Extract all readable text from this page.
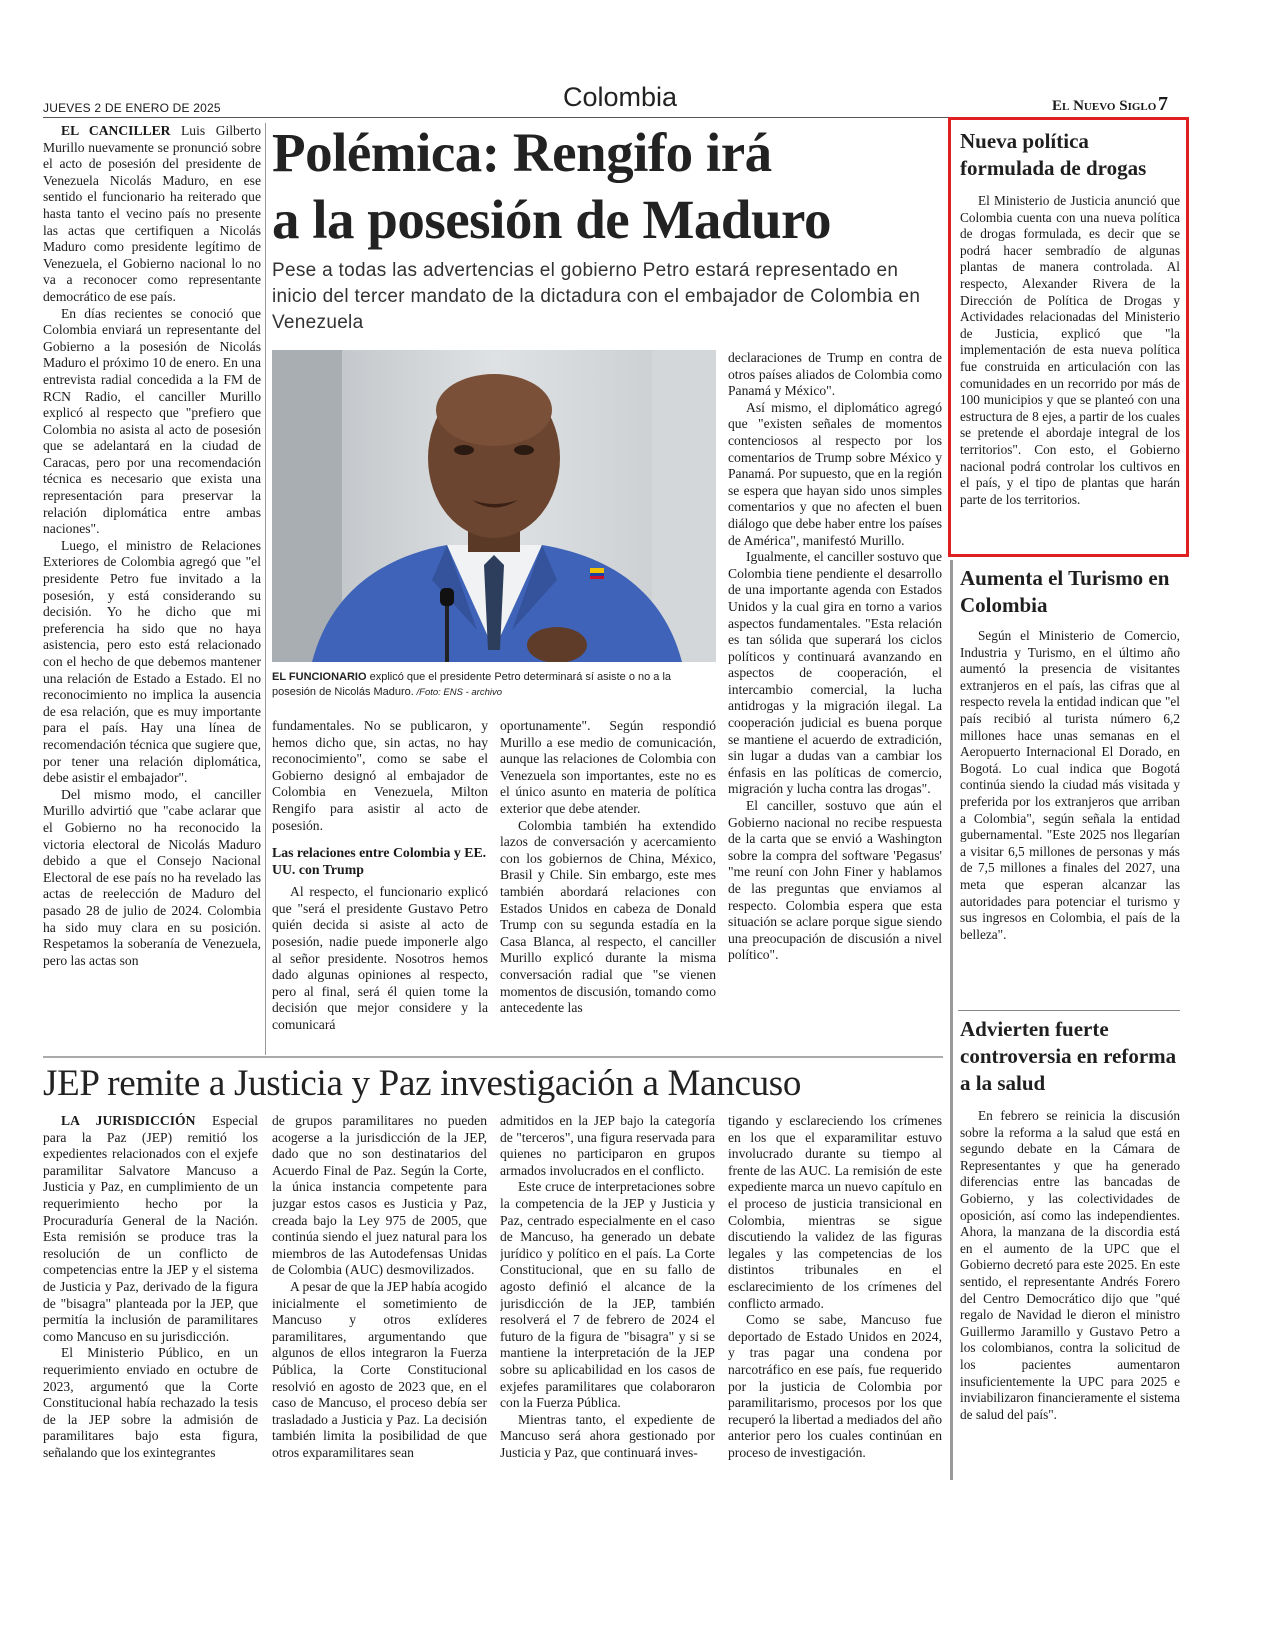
JUEVES 2 DE ENERO DE 2025	Colombia	El Nuevo Siglo 7

EL CANCILLER Luis Gilberto Murillo nuevamente se pronunció sobre el acto de posesión del presidente de Venezuela Nicolás Maduro, en ese sentido el funcionario ha reiterado que hasta tanto el vecino país no presente las actas que certifiquen a Nicolás Maduro como presidente legítimo de Venezuela, el Gobierno nacional lo no va a reconocer como representante democrático de ese país.

En días recientes se conoció que Colombia enviará un representante del Gobierno a la posesión de Nicolás Maduro el próximo 10 de enero. En una entrevista radial concedida a la FM de RCN Radio, el canciller Murillo explicó al respecto que "prefiero que Colombia no asista al acto de posesión que se adelantará en la ciudad de Caracas, pero por una recomendación técnica es necesario que exista una representación para preservar la relación diplomática entre ambas naciones".

Luego, el ministro de Relaciones Exteriores de Colombia agregó que "el presidente Petro fue invitado a la posesión, y está considerando su decisión. Yo he dicho que mi preferencia ha sido que no haya asistencia, pero esto está relacionado con el hecho de que debemos mantener una relación de Estado a Estado. El no reconocimiento no implica la ausencia de esa relación, que es muy importante para el país. Hay una línea de recomendación técnica que sugiere que, por tener una relación diplomática, debe asistir el embajador".

Del mismo modo, el canciller Murillo advirtió que "cabe aclarar que el Gobierno no ha reconocido la victoria electoral de Nicolás Maduro debido a que el Consejo Nacional Electoral de ese país no ha revelado las actas de reelección de Maduro del pasado 28 de julio de 2024. Colombia ha sido muy clara en su posición. Respetamos la soberanía de Venezuela, pero las actas son

Polémica: Rengifo irá
a la posesión de Maduro
Pese a todas las advertencias el gobierno Petro estará representado en inicio del tercer mandato de la dictadura con el embajador de Colombia en Venezuela
EL FUNCIONARIO explicó que el presidente Petro determinará sí asiste o no a la posesión de Nicolás Maduro. /Foto: ENS - archivo

fundamentales. No se publicaron, y hemos dicho que, sin actas, no hay reconocimiento", como se sabe el Gobierno designó al embajador de Colombia en Venezuela, Milton Rengifo para asistir al acto de posesión.

Las relaciones entre Colombia y EE. UU. con Trump

Al respecto, el funcionario explicó que "será el presidente Gustavo Petro quién decida si asiste al acto de posesión, nadie puede imponerle algo al señor presidente. Nosotros hemos dado algunas opiniones al respecto, pero al final, será él quien tome la decisión que mejor considere y la comunicará

oportunamente". Según respondió Murillo a ese medio de comunicación, aunque las relaciones de Colombia con Venezuela son importantes, este no es el único asunto en materia de política exterior que debe atender.

Colombia también ha extendido lazos de conversación y acercamiento con los gobiernos de China, México, Brasil y Chile. Sin embargo, este mes también abordará relaciones con Estados Unidos en cabeza de Donald Trump con su segunda estadía en la Casa Blanca, al respecto, el canciller Murillo explicó durante la misma conversación radial que "se vienen momentos de discusión, tomando como antecedente las

declaraciones de Trump en contra de otros países aliados de Colombia como Panamá y México".

Así mismo, el diplomático agregó que "existen señales de momentos contenciosos al respecto por los comentarios de Trump sobre México y Panamá. Por supuesto, que en la región se espera que hayan sido unos simples comentarios y que no afecten el buen diálogo que debe haber entre los países de América", manifestó Murillo.

Igualmente, el canciller sostuvo que Colombia tiene pendiente el desarrollo de una importante agenda con Estados Unidos y la cual gira en torno a varios aspectos fundamentales. "Esta relación es tan sólida que superará los ciclos políticos y continuará avanzando en aspectos de cooperación, el intercambio comercial, la lucha antidrogas y la migración ilegal. La cooperación judicial es buena porque se mantiene el acuerdo de extradición, sin lugar a dudas van a cambiar los énfasis en las políticas de comercio, migración y lucha contra las drogas".

El canciller, sostuvo que aún el Gobierno nacional no recibe respuesta de la carta que se envió a Washington sobre la compra del software 'Pegasus' "me reuní con John Finer y hablamos de las preguntas que enviamos al respecto. Colombia espera que esta situación se aclare porque sigue siendo una preocupación de discusión a nivel político".

JEP remite a Justicia y Paz investigación a Mancuso

LA JURISDICCIÓN Especial para la Paz (JEP) remitió los expedientes relacionados con el exjefe paramilitar Salvatore Mancuso a Justicia y Paz, en cumplimiento de un requerimiento hecho por la Procuraduría General de la Nación. Esta remisión se produce tras la resolución de un conflicto de competencias entre la JEP y el sistema de Justicia y Paz, derivado de la figura de "bisagra" planteada por la JEP, que permitía la inclusión de paramilitares como Mancuso en su jurisdicción.

El Ministerio Público, en un requerimiento enviado en octubre de 2023, argumentó que la Corte Constitucional había rechazado la tesis de la JEP sobre la admisión de paramilitares bajo esta figura, señalando que los exintegrantes

de grupos paramilitares no pueden acogerse a la jurisdicción de la JEP, dado que no son destinatarios del Acuerdo Final de Paz. Según la Corte, la única instancia competente para juzgar estos casos es Justicia y Paz, creada bajo la Ley 975 de 2005, que continúa siendo el juez natural para los miembros de las Autodefensas Unidas de Colombia (AUC) desmovilizados.

A pesar de que la JEP había acogido inicialmente el sometimiento de Mancuso y otros exlíderes paramilitares, argumentando que algunos de ellos integraron la Fuerza Pública, la Corte Constitucional resolvió en agosto de 2023 que, en el caso de Mancuso, el proceso debía ser trasladado a Justicia y Paz. La decisión también limita la posibilidad de que otros exparamilitares sean

admitidos en la JEP bajo la categoría de "terceros", una figura reservada para quienes no participaron en grupos armados involucrados en el conflicto.

Este cruce de interpretaciones sobre la competencia de la JEP y Justicia y Paz, centrado especialmente en el caso de Mancuso, ha generado un debate jurídico y político en el país. La Corte Constitucional, que en su fallo de agosto definió el alcance de la jurisdicción de la JEP, también resolverá el 7 de febrero de 2024 el futuro de la figura de "bisagra" y si se mantiene la interpretación de la JEP sobre su aplicabilidad en los casos de exjefes paramilitares que colaboraron con la Fuerza Pública.

Mientras tanto, el expediente de Mancuso será ahora gestionado por Justicia y Paz, que continuará inves-

tigando y esclareciendo los crímenes en los que el exparamilitar estuvo involucrado durante su tiempo al frente de las AUC. La remisión de este expediente marca un nuevo capítulo en el proceso de justicia transicional en Colombia, mientras se sigue discutiendo la validez de las figuras legales y las competencias de los distintos tribunales en el esclarecimiento de los crímenes del conflicto armado.

Como se sabe, Mancuso fue deportado de Estado Unidos en 2024, y tras pagar una condena por narcotráfico en ese país, fue requerido por la justicia de Colombia por paramilitarismo, procesos por los que recuperó la libertad a mediados del año anterior pero los cuales continúan en proceso de investigación.

Nueva política formulada de drogas

El Ministerio de Justicia anunció que Colombia cuenta con una nueva política de drogas formulada, es decir que se podrá hacer sembradío de algunas plantas de manera controlada. Al respecto, Alexander Rivera de la Dirección de Política de Drogas y Actividades relacionadas del Ministerio de Justicia, explicó que "la implementación de esta nueva política fue construida en articulación con las comunidades en un recorrido por más de 100 municipios y que se planteó con una estructura de 8 ejes, a partir de los cuales se pretende el abordaje integral de los territorios". Con esto, el Gobierno nacional podrá controlar los cultivos en el país, y el tipo de plantas que harán parte de los territorios.

Aumenta el Turismo en Colombia

Según el Ministerio de Comercio, Industria y Turismo, en el último año aumentó la presencia de visitantes extranjeros en el país, las cifras que al respecto revela la entidad indican que "el país recibió al turista número 6,2 millones hace unas semanas en el Aeropuerto Internacional El Dorado, en Bogotá. Lo cual indica que Bogotá continúa siendo la ciudad más visitada y preferida por los extranjeros que arriban a Colombia", según señala la entidad gubernamental. "Este 2025 nos llegarían a visitar 6,5 millones de personas y más de 7,5 millones a finales del 2027, una meta que esperan alcanzar las autoridades para potenciar el turismo y sus ingresos en Colombia, el país de la belleza".

Advierten fuerte controversia en reforma a la salud

En febrero se reinicia la discusión sobre la reforma a la salud que está en segundo debate en la Cámara de Representantes y que ha generado diferencias entre las bancadas de Gobierno, y las colectividades de oposición, así como las independientes. Ahora, la manzana de la discordia está en el aumento de la UPC que el Gobierno decretó para este 2025. En este sentido, el representante Andrés Forero del Centro Democrático dijo que "qué regalo de Navidad le dieron el ministro Guillermo Jaramillo y Gustavo Petro a los colombianos, contra la solicitud de los pacientes aumentaron insuficientemente la UPC para 2025 e inviabilizaron financieramente el sistema de salud del país".
